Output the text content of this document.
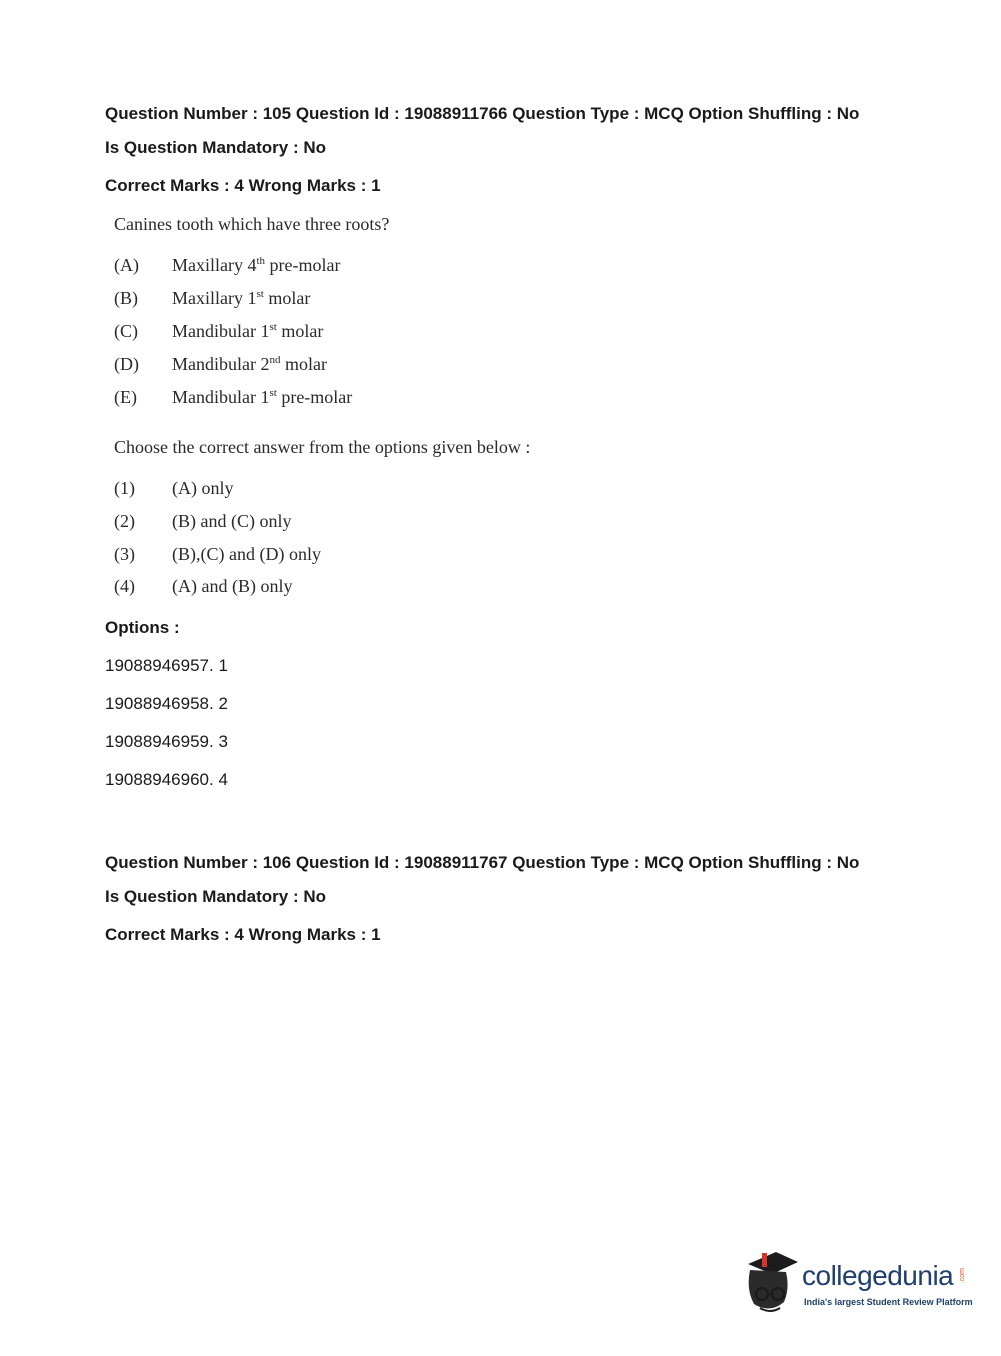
Question Number : 105 Question Id : 19088911766 Question Type : MCQ Option Shuffling : No
Is Question Mandatory : No
Correct Marks : 4 Wrong Marks : 1
Canines tooth which have three roots?
(A) Maxillary 4th pre-molar
(B) Maxillary 1st molar
(C) Mandibular 1st molar
(D) Mandibular 2nd molar
(E) Mandibular 1st pre-molar
Choose the correct answer from the options given below :
(1) (A) only
(2) (B) and (C) only
(3) (B),(C) and (D) only
(4) (A) and (B) only
Options :
19088946957. 1
19088946958. 2
19088946959. 3
19088946960. 4
Question Number : 106 Question Id : 19088911767 Question Type : MCQ Option Shuffling : No
Is Question Mandatory : No
Correct Marks : 4 Wrong Marks : 1
collegedunia .com
India's largest Student Review Platform
